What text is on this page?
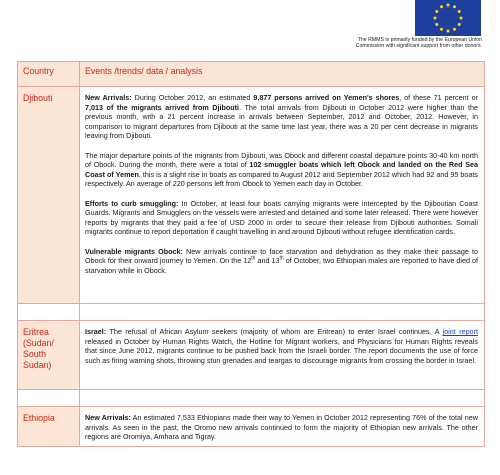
The RMMS is primarily funded by the European Union
Commission with significant support from other donors.
Country	Events /trends/ data / analysis
Djibouti	New Arrivals: During October 2012, an estimated 9,877 persons arrived on Yemen's shores, of these 71 percent or 7,013 of the migrants arrived from Djibouti. The total arrivals from Djibouti in October 2012 were higher than the previous month, with a 21 percent increase in arrivals between September, 2012 and October, 2012. However, in comparison to migrant departures from Djibouti at the same time last year, there was a 20 per cent decrease in migrants leaving from Djibouti.

The major departure points of the migrants from Djibouti, was Obock and different coastal departure points 30-40 km north of Obock. During the month, there were a total of 102 smuggler boats which left Obock and landed on the Red Sea Coast of Yemen, this is a slight rise in boats as compared to August 2012 and September 2012 which had 92 and 95 boats respectively. An average of 220 persons left from Obock to Yemen each day in October.

Efforts to curb smuggling: In October, at least four boats carrying migrants were intercepted by the Djiboutian Coast Guards. Migrants and Smugglers on the vessels were arrested and detained and some later released. There were however reports by migrants that they paid a fee of USD 2000 in order to secure their release from Djibouti authorities. Somali migrants continue to report deportation if caught travelling in and around Djibouti without refugee identification cards.

Vulnerable migrants Obock: New arrivals continue to face starvation and dehydration as they make their passage to Obock for their onward journey to Yemen. On the 12th and 13th of October, two Ethiopian males are reported to have died of starvation while in Obock.

Eritrea (Sudan/ South Sudan)	Israel: The refusal of African Asylum seekers (majority of whom are Eritrean) to enter Israel continues. A joint report released in October by Human Rights Watch, the Hotline for Migrant workers, and Physicians for Human Rights reveals that since June 2012, migrants continue to be pushed back from the Israeli border. The report documents the use of force such as firing warning shots, throwing stun grenades and teargas to discourage migrants from crossing the border in Israel.

Ethiopia	New Arrivals: An estimated 7,533 Ethiopians made their way to Yemen in October 2012 representing 76% of the total new arrivals. As seen in the past, the Oromo new arrivals continued to form the majority of Ethiopian new arrivals. The other regions are Oromiya, Amhara and Tigray.
